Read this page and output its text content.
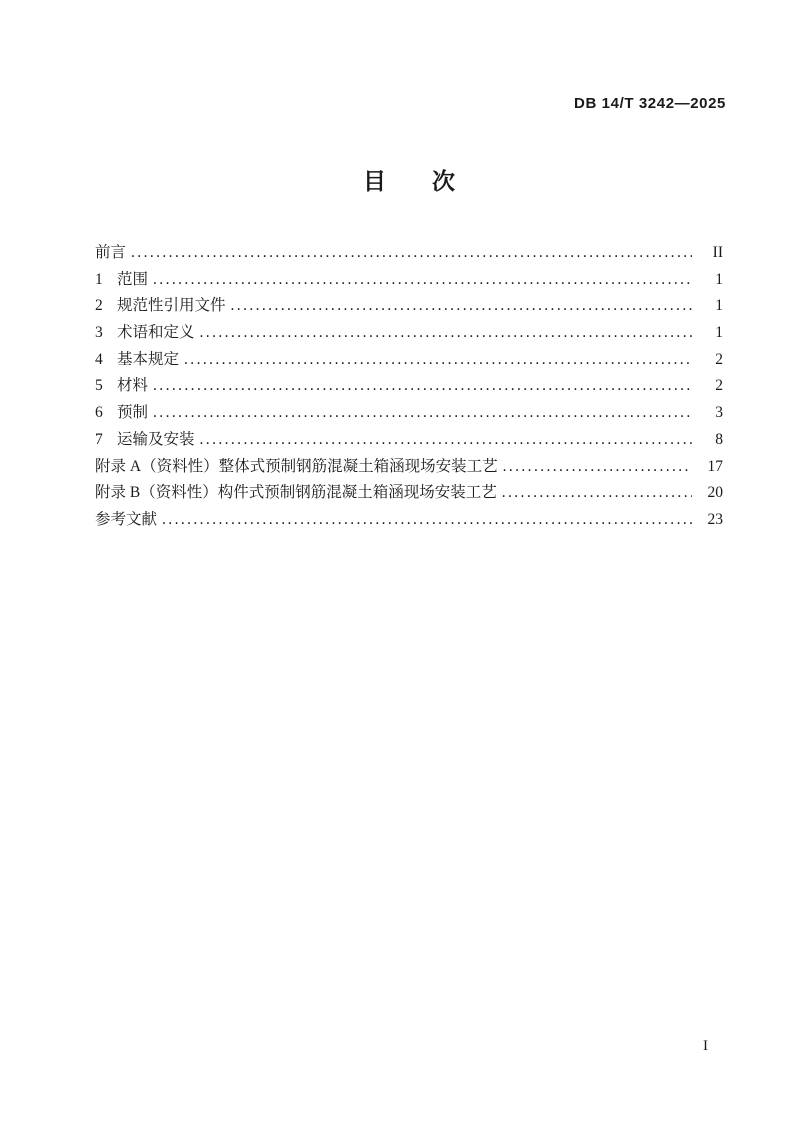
DB 14/T 3242—2025
目　　次
前言 .....	II
1 范围 .....	1
2 规范性引用文件 .....	1
3 术语和定义 .....	1
4 基本规定 .....	2
5 材料 .....	2
6 预制 .....	3
7 运输及安装 .....	8
附录 A（资料性）整体式预制钢筋混凝土箱涵现场安装工艺 .....	17
附录 B（资料性）构件式预制钢筋混凝土箱涵现场安装工艺 .....	20
参考文献 .....	23
I
